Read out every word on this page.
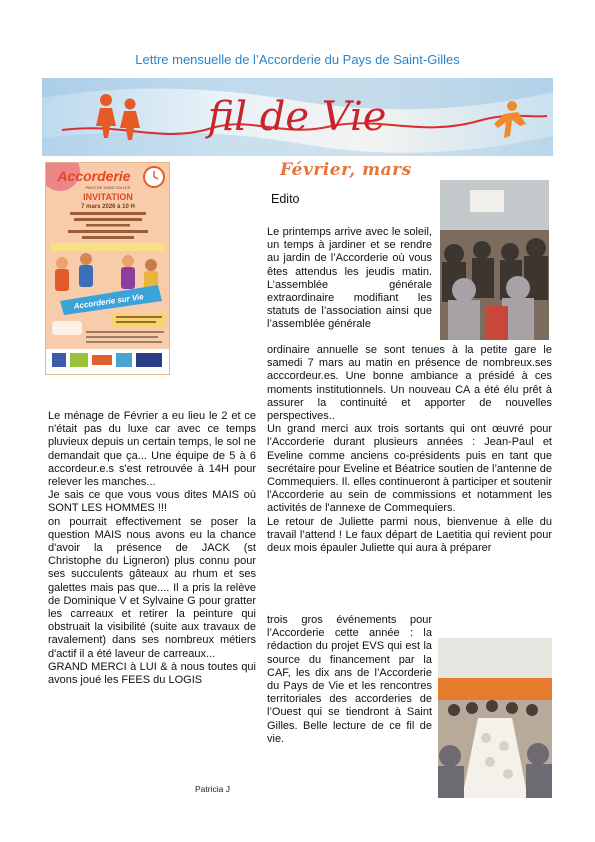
Lettre mensuelle de l’Accorderie du Pays de Saint-Gilles
fil de Vie
Février, mars
Accorderie
PAYS DE SAINT-GILLES
INVITATION
7 mars 2026 à 10 H
Accorderie sur Vie

Le ménage de Février a eu lieu le 2 et ce n'était pas du luxe car avec ce temps pluvieux depuis un certain temps, le sol ne demandait que ça... Une équipe de 5 à 6 accordeur.e.s s'est retrouvée à 14H pour relever les manches...

Je sais ce que vous vous dites MAIS où SONT LES HOMMES !!!

on pourrait effectivement se poser la question MAIS nous avons eu la chance d'avoir la présence de JACK (st Christophe du Ligneron) plus connu pour ses succulents gâteaux au rhum et ses galettes mais pas que.... Il a pris la relève de Dominique V et Sylvaine G pour gratter les carreaux et retirer la peinture qui obstruait la visibilité (suite aux travaux de ravalement) dans ses nombreux métiers d'actif il a été laveur de carreaux...

GRAND MERCI à LUI & à nous toutes qui avons joué les FEES du LOGIS

Patricia J
Edito

Le printemps arrive avec le soleil, un temps à jardiner et se rendre au jardin de l’Accorderie où vous êtes attendus les jeudis matin. L’assemblée générale extraordinaire modifiant les statuts de l’association ainsi que l’assemblée générale

ordinaire annuelle se sont tenues à la petite gare le samedi 7 mars au matin en présence de nombreux.ses acccordeur.es. Une bonne ambiance a présidé à ces moments institutionnels. Un nouveau CA a été élu prêt à assurer la continuité et apporter de nouvelles perspectives..

Un grand merci aux trois sortants qui ont œuvré pour l’Accorderie durant plusieurs années : Jean-Paul et Eveline comme anciens co-présidents puis en tant que secrétaire pour Eveline et Béatrice soutien de l’antenne de Commequiers. Il. elles continueront à participer et soutenir l'Accorderie au sein de commissions et notamment les activités de l'annexe de Commequiers.

Le retour de Juliette parmi nous, bienvenue à elle du travail l’attend ! Le faux départ de Laetitia qui revient pour deux mois épauler Juliette qui aura à préparer

trois gros événements pour l’Accorderie cette année : la rédaction du projet EVS qui est la source du financement par la CAF, les dix ans de l’Accorderie du Pays de Vie et les rencontres territoriales des accorderies de l’Ouest qui se tiendront à Saint Gilles. Belle lecture de ce fil de vie.
